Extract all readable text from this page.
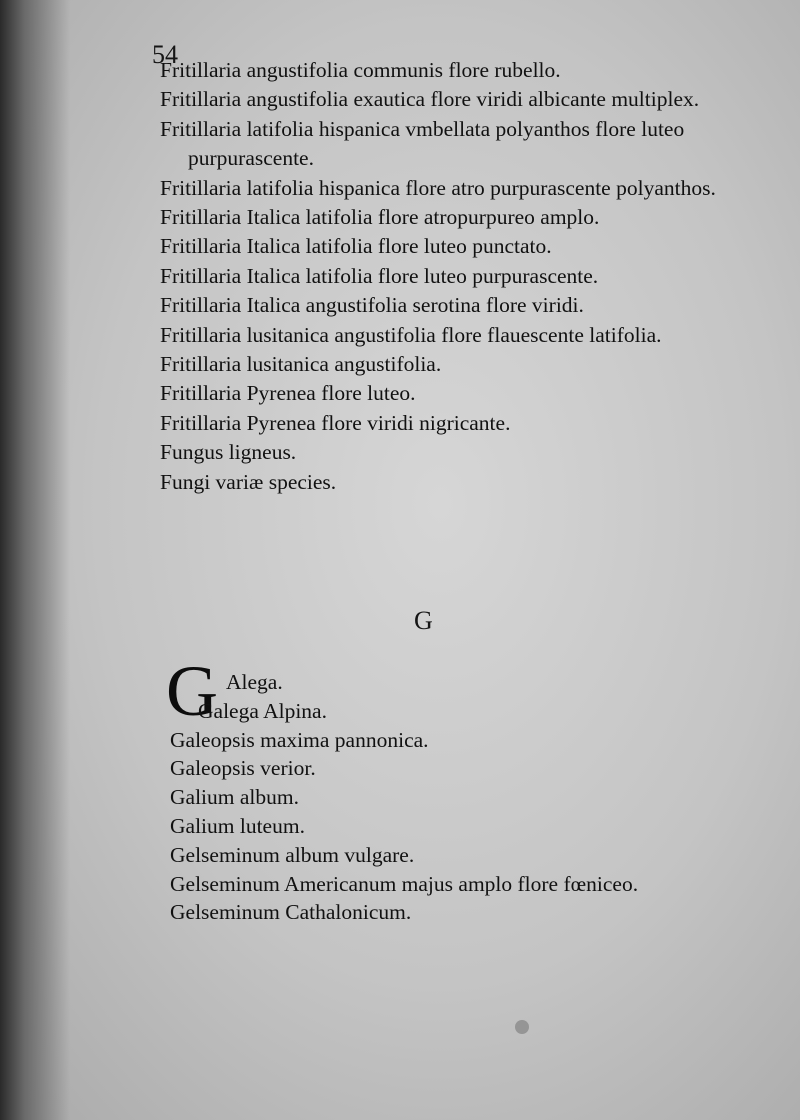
54
Fritillaria angustifolia communis flore rubello.
Fritillaria angustifolia exautica flore viridi albicante multiplex.
Fritillaria latifolia hispanica vmbellata polyanthos flore luteo purpurascente.
Fritillaria latifolia hispanica flore atro purpurascente polyanthos.
Fritillaria Italica latifolia flore atropurpureo amplo.
Fritillaria Italica latifolia flore luteo punctato.
Fritillaria Italica latifolia flore luteo purpurascente.
Fritillaria Italica angustifolia serotina flore viridi.
Fritillaria lusitanica angustifolia flore flauescente latifolia.
Fritillaria lusitanica angustifolia.
Fritillaria Pyrenea flore luteo.
Fritillaria Pyrenea flore viridi nigricante.
Fungus ligneus.
Fungi variæ species.
G
G Alega.
Galega Alpina.
Galeopsis maxima pannonica.
Galeopsis verior.
Galium album.
Galium luteum.
Gelseminum album vulgare.
Gelseminum Americanum majus amplo flore fœniceo.
Gelseminum Cathalonicum.
